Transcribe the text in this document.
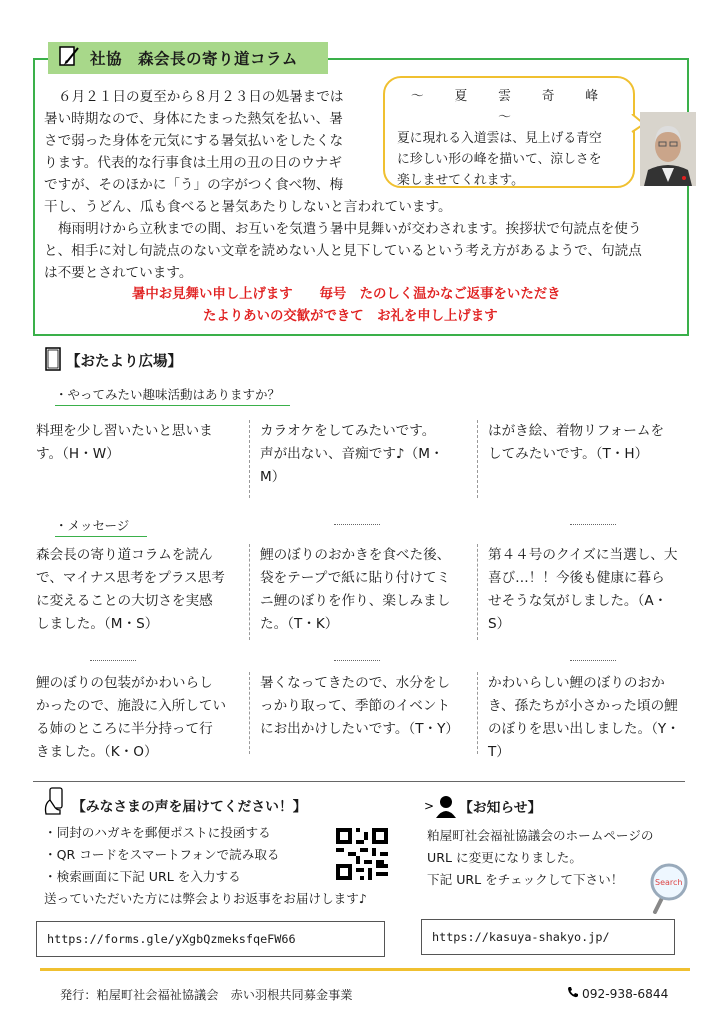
社協　森会長の寄り道コラム
６月２１日の夏至から８月２３日の処暑までは
暑い時期なので、身体にたまった熱気を払い、暑
さで弱った身体を元気にする暑気払いをしたくな
ります。代表的な行事食は土用の丑の日のウナギ
ですが、そのほかに「う」の字がつく食べ物、梅
干し、うどん、瓜も食べると暑気あたりしないと言われています。
梅雨明けから立秋までの間、お互いを気遣う暑中見舞いが交わされます。挨拶状で句読点を使う
と、相手に対し句読点のない文章を読めない人と見下しているという考え方があるようで、句読点
は不要とされています。
～　夏　雲　奇　峰　～
夏に現れる入道雲は、見上げる青空
に珍しい形の峰を描いて、涼しさを
楽しませてくれます。
暑中お見舞い申し上げます　　毎号　たのしく温かなご返事をいただき
たよりあいの交歓ができて　お礼を申し上げます
【おたより広場】
・やってみたい趣味活動はありますか？
料理を少し習いたいと思いま
す。（H・W）
カラオケをしてみたいです。
声が出ない、音痴です♪（M・
M）
はがき絵、着物リフォームを
してみたいです。（T・H）
・メッセージ
森会長の寄り道コラムを読ん
で、マイナス思考をプラス思考
に変えることの大切さを実感
しました。（M・S）
鯉のぼりのおかきを食べた後、
袋をテープで紙に貼り付けてミ
ニ鯉のぼりを作り、楽しみまし
た。（T・K）
第４４号のクイズに当選し、大
喜び…！！今後も健康に暮ら
せそうな気がしました。（A・
S）
鯉のぼりの包装がかわいらし
かったので、施設に入所してい
る姉のところに半分持って行
きました。（K・O）
暑くなってきたので、水分をし
っかり取って、季節のイベント
にお出かけしたいです。（T・Y）
かわいらしい鯉のぼりのおか
き、孫たちが小さかった頃の鯉
のぼりを思い出しました。（Y・
T）
【みなさまの声を届けてください！】
・同封のハガキを郵便ポストに投函する
・QR コードをスマートフォンで読み取る
・検索画面に下記 URL を入力する
送っていただいた方には弊会よりお返事をお届けします♪
https://forms.gle/yXgbQzmeksfqeFW66
> 【お知らせ】
粕屋町社会福祉協議会のホームページの
URL に変更になりました。
下記 URL をチェックして下さい！	Search
https://kasuya-shakyo.jp/
発行：粕屋町社会福祉協議会　赤い羽根共同募金事業	092-938-6844
